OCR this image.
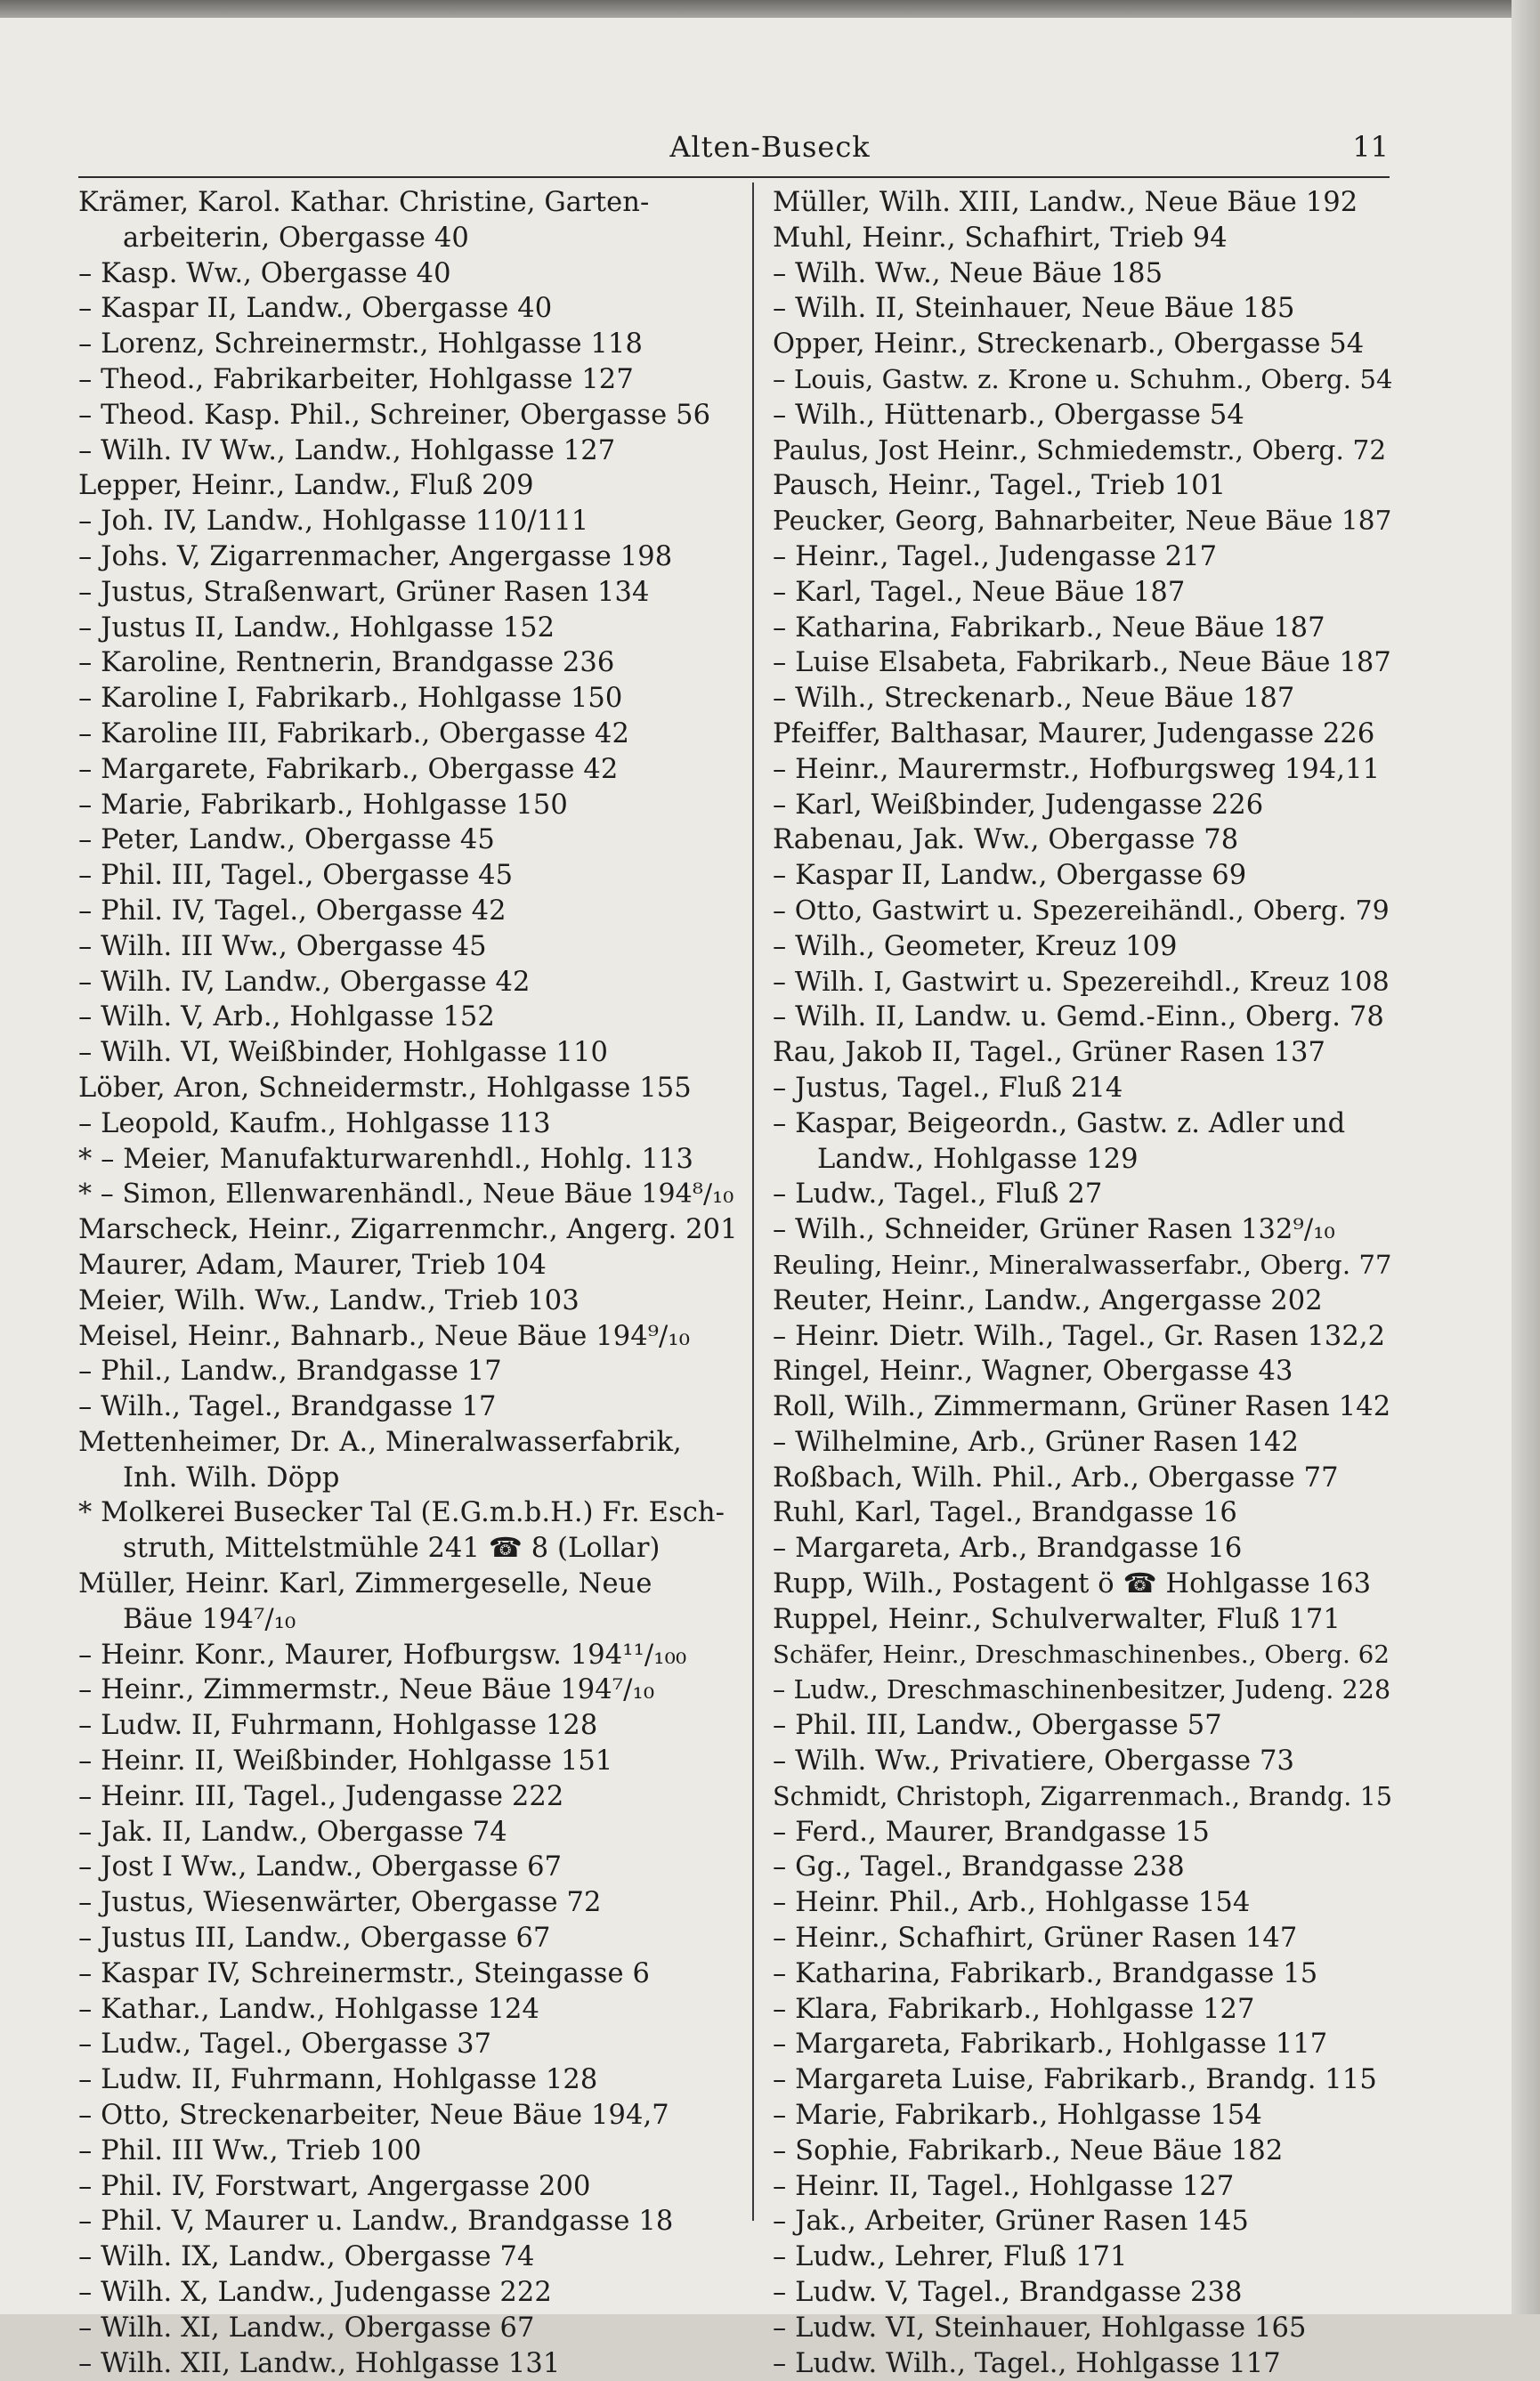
Alten-Buseck	11
Krämer, Karol. Kathar. Christine, Garten-
arbeiterin, Obergasse 40
– Kasp. Ww., Obergasse 40
– Kaspar II, Landw., Obergasse 40
– Lorenz, Schreinermstr., Hohlgasse 118
– Theod., Fabrikarbeiter, Hohlgasse 127
– Theod. Kasp. Phil., Schreiner, Obergasse 56
– Wilh. IV Ww., Landw., Hohlgasse 127
Lepper, Heinr., Landw., Fluß 209
– Joh. IV, Landw., Hohlgasse 110/111
– Johs. V, Zigarrenmacher, Angergasse 198
– Justus, Straßenwart, Grüner Rasen 134
– Justus II, Landw., Hohlgasse 152
– Karoline, Rentnerin, Brandgasse 236
– Karoline I, Fabrikarb., Hohlgasse 150
– Karoline III, Fabrikarb., Obergasse 42
– Margarete, Fabrikarb., Obergasse 42
– Marie, Fabrikarb., Hohlgasse 150
– Peter, Landw., Obergasse 45
– Phil. III, Tagel., Obergasse 45
– Phil. IV, Tagel., Obergasse 42
– Wilh. III Ww., Obergasse 45
– Wilh. IV, Landw., Obergasse 42
– Wilh. V, Arb., Hohlgasse 152
– Wilh. VI, Weißbinder, Hohlgasse 110
Löber, Aron, Schneidermstr., Hohlgasse 155
– Leopold, Kaufm., Hohlgasse 113
* – Meier, Manufakturwarenhdl., Hohlg. 113
* – Simon, Ellenwarenhändl., Neue Bäue 194⁸/₁₀
Marscheck, Heinr., Zigarrenmchr., Angerg. 201
Maurer, Adam, Maurer, Trieb 104
Meier, Wilh. Ww., Landw., Trieb 103
Meisel, Heinr., Bahnarb., Neue Bäue 194⁹/₁₀
– Phil., Landw., Brandgasse 17
– Wilh., Tagel., Brandgasse 17
Mettenheimer, Dr. A., Mineralwasserfabrik,
Inh. Wilh. Döpp
* Molkerei Busecker Tal (E.G.m.b.H.) Fr. Esch-
struth, Mittelstmühle 241 ☎ 8 (Lollar)
Müller, Heinr. Karl, Zimmergeselle, Neue
Bäue 194⁷/₁₀
– Heinr. Konr., Maurer, Hofburgsw. 194¹¹/₁₀₀
– Heinr., Zimmermstr., Neue Bäue 194⁷/₁₀
– Ludw. II, Fuhrmann, Hohlgasse 128
– Heinr. II, Weißbinder, Hohlgasse 151
– Heinr. III, Tagel., Judengasse 222
– Jak. II, Landw., Obergasse 74
– Jost I Ww., Landw., Obergasse 67
– Justus, Wiesenwärter, Obergasse 72
– Justus III, Landw., Obergasse 67
– Kaspar IV, Schreinermstr., Steingasse 6
– Kathar., Landw., Hohlgasse 124
– Ludw., Tagel., Obergasse 37
– Ludw. II, Fuhrmann, Hohlgasse 128
– Otto, Streckenarbeiter, Neue Bäue 194,7
– Phil. III Ww., Trieb 100
– Phil. IV, Forstwart, Angergasse 200
– Phil. V, Maurer u. Landw., Brandgasse 18
– Wilh. IX, Landw., Obergasse 74
– Wilh. X, Landw., Judengasse 222
– Wilh. XI, Landw., Obergasse 67
– Wilh. XII, Landw., Hohlgasse 131
Müller, Wilh. XIII, Landw., Neue Bäue 192
Muhl, Heinr., Schafhirt, Trieb 94
– Wilh. Ww., Neue Bäue 185
– Wilh. II, Steinhauer, Neue Bäue 185
Opper, Heinr., Streckenarb., Obergasse 54
– Louis, Gastw. z. Krone u. Schuhm., Oberg. 54
– Wilh., Hüttenarb., Obergasse 54
Paulus, Jost Heinr., Schmiedemstr., Oberg. 72
Pausch, Heinr., Tagel., Trieb 101
Peucker, Georg, Bahnarbeiter, Neue Bäue 187
– Heinr., Tagel., Judengasse 217
– Karl, Tagel., Neue Bäue 187
– Katharina, Fabrikarb., Neue Bäue 187
– Luise Elsabeta, Fabrikarb., Neue Bäue 187
– Wilh., Streckenarb., Neue Bäue 187
Pfeiffer, Balthasar, Maurer, Judengasse 226
– Heinr., Maurermstr., Hofburgsweg 194,11
– Karl, Weißbinder, Judengasse 226
Rabenau, Jak. Ww., Obergasse 78
– Kaspar II, Landw., Obergasse 69
– Otto, Gastwirt u. Spezereihändl., Oberg. 79
– Wilh., Geometer, Kreuz 109
– Wilh. I, Gastwirt u. Spezereihdl., Kreuz 108
– Wilh. II, Landw. u. Gemd.-Einn., Oberg. 78
Rau, Jakob II, Tagel., Grüner Rasen 137
– Justus, Tagel., Fluß 214
– Kaspar, Beigeordn., Gastw. z. Adler und
Landw., Hohlgasse 129
– Ludw., Tagel., Fluß 27
– Wilh., Schneider, Grüner Rasen 132⁹/₁₀
Reuling, Heinr., Mineralwasserfabr., Oberg. 77
Reuter, Heinr., Landw., Angergasse 202
– Heinr. Dietr. Wilh., Tagel., Gr. Rasen 132,2
Ringel, Heinr., Wagner, Obergasse 43
Roll, Wilh., Zimmermann, Grüner Rasen 142
– Wilhelmine, Arb., Grüner Rasen 142
Roßbach, Wilh. Phil., Arb., Obergasse 77
Ruhl, Karl, Tagel., Brandgasse 16
– Margareta, Arb., Brandgasse 16
Rupp, Wilh., Postagent ö ☎ Hohlgasse 163
Ruppel, Heinr., Schulverwalter, Fluß 171
Schäfer, Heinr., Dreschmaschinenbes., Oberg. 62
– Ludw., Dreschmaschinenbesitzer, Judeng. 228
– Phil. III, Landw., Obergasse 57
– Wilh. Ww., Privatiere, Obergasse 73
Schmidt, Christoph, Zigarrenmach., Brandg. 15
– Ferd., Maurer, Brandgasse 15
– Gg., Tagel., Brandgasse 238
– Heinr. Phil., Arb., Hohlgasse 154
– Heinr., Schafhirt, Grüner Rasen 147
– Katharina, Fabrikarb., Brandgasse 15
– Klara, Fabrikarb., Hohlgasse 127
– Margareta, Fabrikarb., Hohlgasse 117
– Margareta Luise, Fabrikarb., Brandg. 115
– Marie, Fabrikarb., Hohlgasse 154
– Sophie, Fabrikarb., Neue Bäue 182
– Heinr. II, Tagel., Hohlgasse 127
– Jak., Arbeiter, Grüner Rasen 145
– Ludw., Lehrer, Fluß 171
– Ludw. V, Tagel., Brandgasse 238
– Ludw. VI, Steinhauer, Hohlgasse 165
– Ludw. Wilh., Tagel., Hohlgasse 117
